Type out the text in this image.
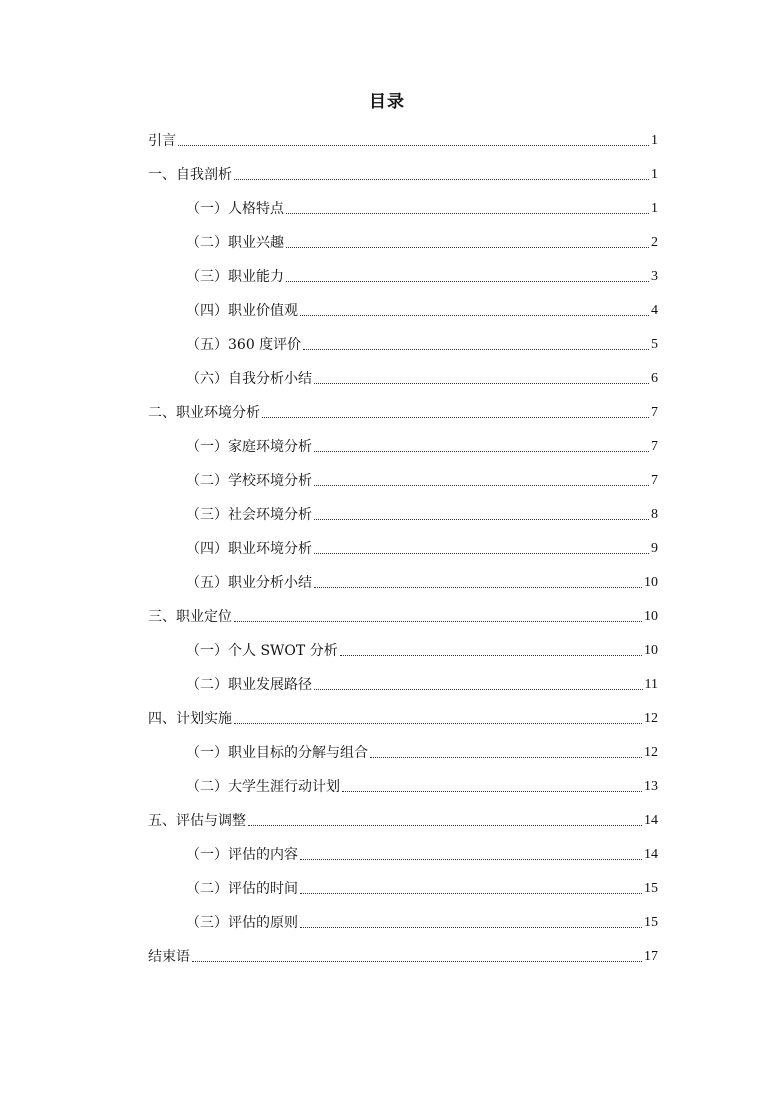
目录
引言	1
一、自我剖析	1
（一）人格特点	1
（二）职业兴趣	2
（三）职业能力	3
（四）职业价值观	4
（五）360 度评价	5
（六）自我分析小结	6
二、职业环境分析	7
（一）家庭环境分析	7
（二）学校环境分析	7
（三）社会环境分析	8
（四）职业环境分析	9
（五）职业分析小结	10
三、职业定位	10
（一）个人 SWOT 分析	10
（二）职业发展路径	11
四、计划实施	12
（一）职业目标的分解与组合	12
（二）大学生涯行动计划	13
五、评估与调整	14
（一）评估的内容	14
（二）评估的时间	15
（三）评估的原则	15
结束语	17
